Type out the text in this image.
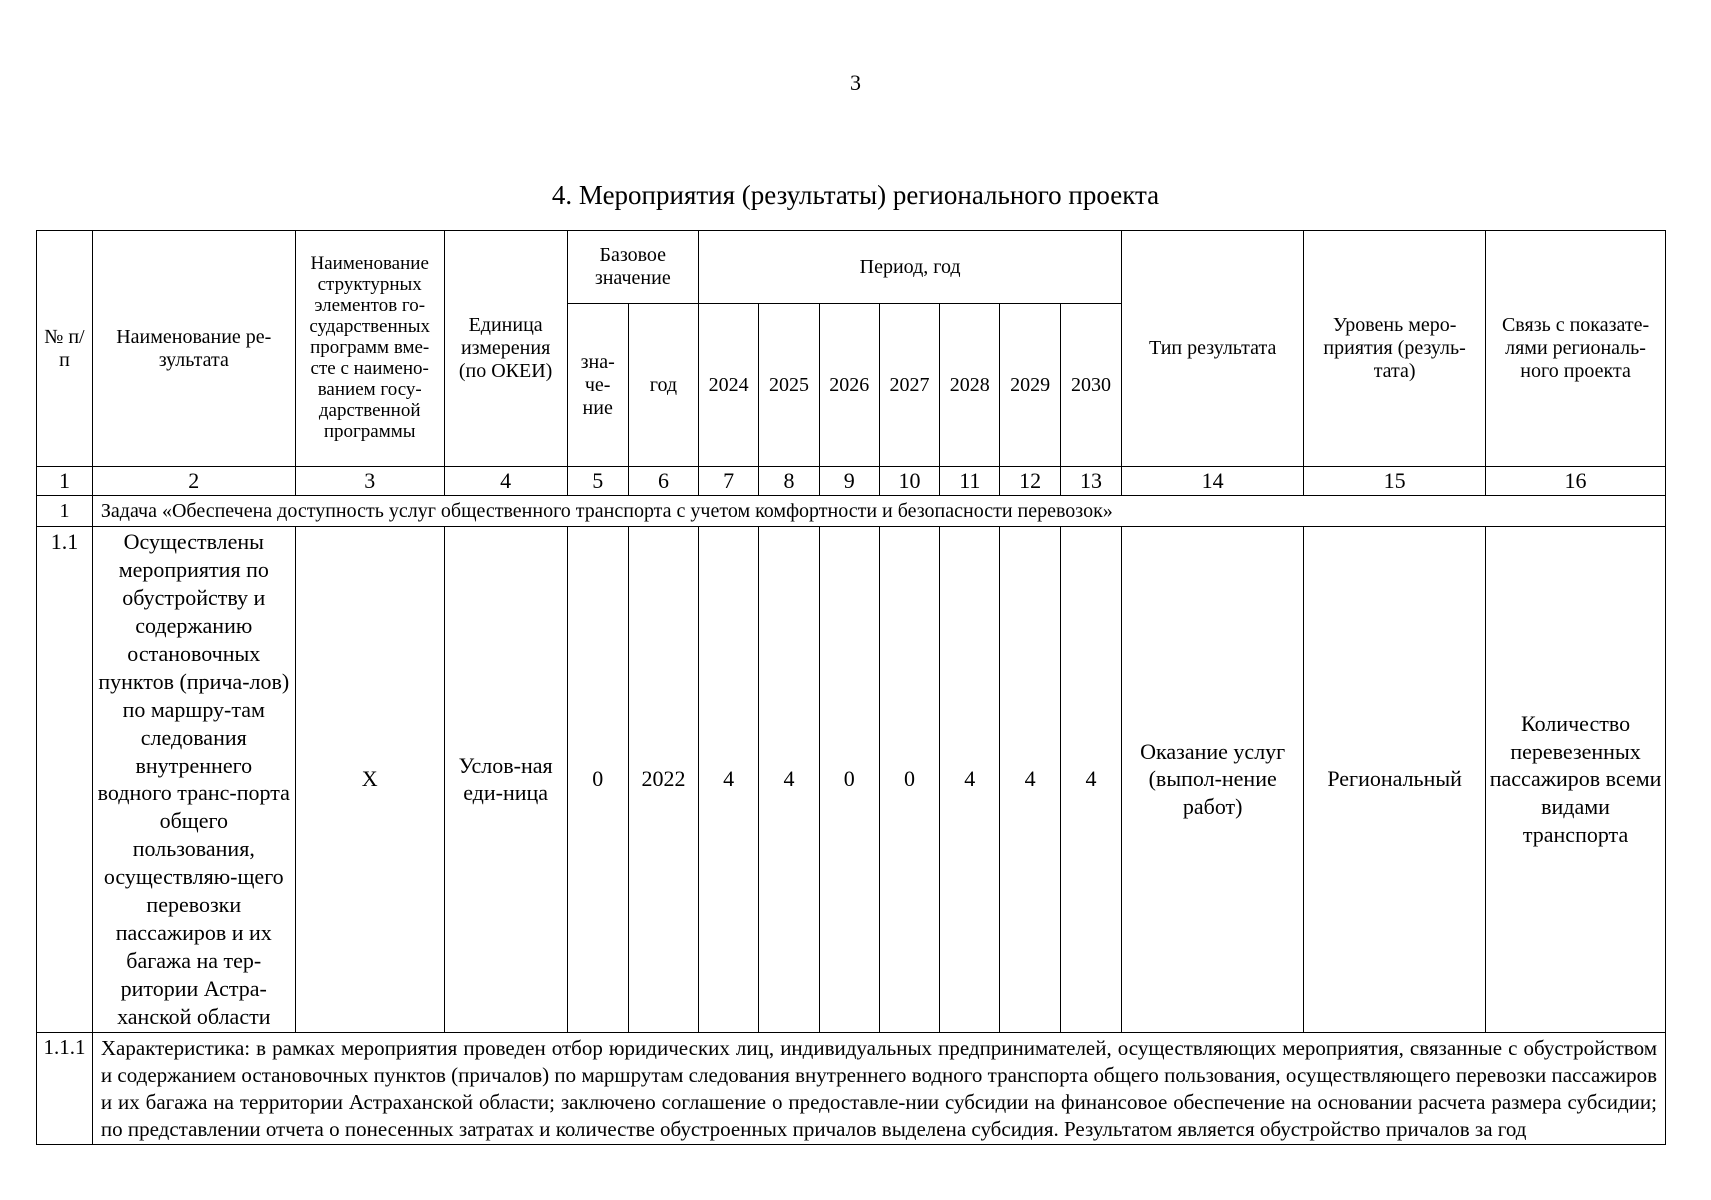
3
4. Мероприятия (результаты) регионального проекта
№ п/п	Наименование ре-зультата	Наименование структурных элементов го-сударственных программ вме-сте с наимено-ванием госу-дарственной программы	Единица измерения (по ОКЕИ)	Базовое значение		Период, год							Тип результата	Уровень меро-приятия (резуль-тата)	Связь с показате-лями региональ-ного проекта
				зна-че-ние	год	2024	2025	2026	2027	2028	2029	2030			
1	2	3	4	5	6	7	8	9	10	11	12	13	14	15	16
1	Задача «Обеспечена доступность услуг общественного транспорта с учетом комфортности и безопасности перевозок»														
1.1	Осуществлены мероприятия по обустройству и содержанию остановочных пунктов (прича-лов) по маршру-там следования внутреннего водного транс-порта общего пользования, осуществляю-щего перевозки пассажиров и их багажа на тер-ритории Астра-ханской области	X	Услов-ная еди-ница	0	2022	4	4	0	0	4	4	4	Оказание услуг (выпол-нение работ)	Региональный	Количество перевезенных пассажиров всеми видами транспорта
1.1.1	Характеристика: в рамках мероприятия проведен отбор юридических лиц, индивидуальных предпринимателей, осуществляющих мероприятия, связанные с обустройством и содержанием остановочных пунктов (причалов) по маршрутам следования внутреннего водного транспорта общего пользования, осуществляющего перевозки пассажиров и их багажа на территории Астраханской области; заключено соглашение о предоставле-нии субсидии на финансовое обеспечение на основании расчета размера субсидии; по представлении отчета о понесенных затратах и количестве обустроенных причалов выделена субсидия. Результатом является обустройство причалов за год														
